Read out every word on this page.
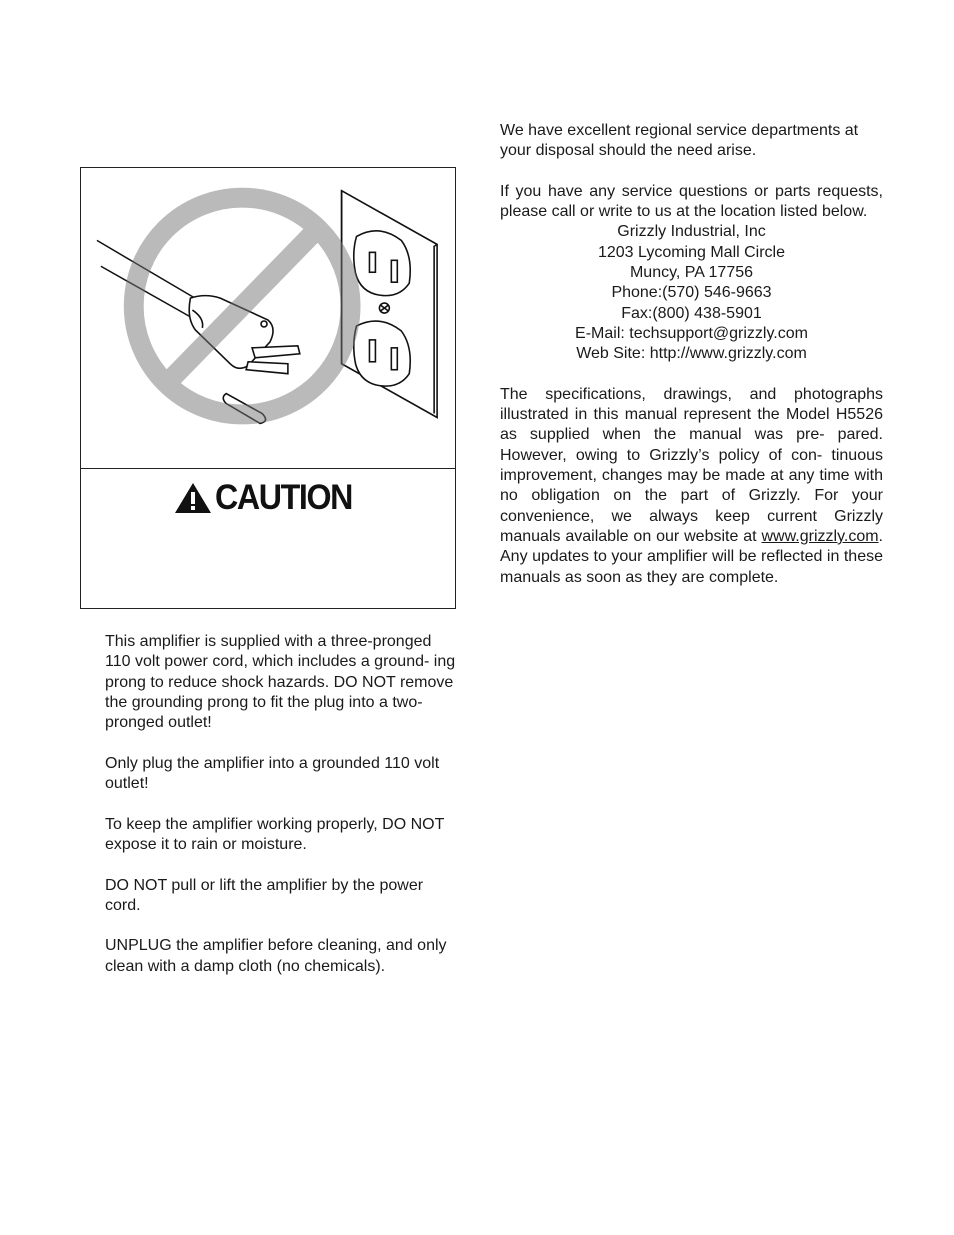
CAUTION

This amplifier is supplied with a three-pronged 110 volt power cord, which includes a ground- ing prong to reduce shock hazards. DO NOT remove the grounding prong to fit the plug into a two-pronged outlet!

Only plug the amplifier into a grounded 110 volt outlet!

To keep the amplifier working properly, DO NOT expose it to rain or moisture.

DO NOT pull or lift the amplifier by the power cord.

UNPLUG the amplifier before cleaning, and only clean with a damp cloth (no chemicals).

We have excellent regional service departments at your disposal should the need arise.

If you have any service questions or parts requests, please call or write to us at the location listed below.

Grizzly Industrial, Inc
1203 Lycoming Mall Circle
Muncy, PA 17756
Phone:(570) 546-9663
Fax:(800) 438-5901
E-Mail: techsupport@grizzly.com
Web Site: http://www.grizzly.com

The specifications, drawings, and photographs illustrated in this manual represent the Model H5526 as supplied when the manual was pre- pared. However, owing to Grizzly’s policy of con- tinuous improvement, changes may be made at any time with no obligation on the part of Grizzly. For your convenience, we always keep current Grizzly manuals available on our website at www.grizzly.com. Any updates to your amplifier will be reflected in these manuals as soon as they are complete.
